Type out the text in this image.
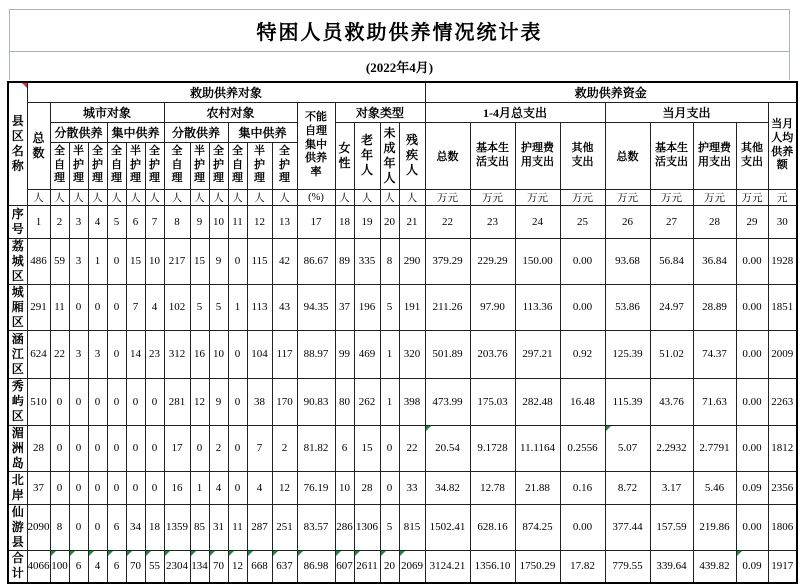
特困人员救助供养情况统计表
(2022年4月)
县区名称	救助供养对象																		救助供养资金								
	总数	城市对象						农村对象						不能自理集中供养率	对象类型				1-4月总支出				当月支出				当月人均供养额
		分散供养			集中供养			分散供养			集中供养				女性	老年人	未成年人	残疾人	总数	基本生活支出	护理费用支出	其他支出	总数	基本生活支出	护理费用支出	其他支出	
		全自理	半护理	全护理	全自理	半护理	全护理	全自理	半护理	全护理	全自理	半护理	全护理														
	人	人	人	人	人	人	人	人	人	人	人	人	人	(%)	人	人	人	人	万元	万元	万元	万元	万元	万元	万元	万元	元
序号	1	2	3	4	5	6	7	8	9	10	11	12	13	17	18	19	20	21	22	23	24	25	26	27	28	29	30
荔城区	486	59	3	1	0	15	10	217	15	9	0	115	42	86.67	89	335	8	290	379.29	229.29	150.00	0.00	93.68	56.84	36.84	0.00	1928
城厢区	291	11	0	0	0	7	4	102	5	5	1	113	43	94.35	37	196	5	191	211.26	97.90	113.36	0.00	53.86	24.97	28.89	0.00	1851
涵江区	624	22	3	3	0	14	23	312	16	10	0	104	117	88.97	99	469	1	320	501.89	203.76	297.21	0.92	125.39	51.02	74.37	0.00	2009
秀屿区	510	0	0	0	0	0	0	281	12	9	0	38	170	90.83	80	262	1	398	473.99	175.03	282.48	16.48	115.39	43.76	71.63	0.00	2263
湄洲岛	28	0	0	0	0	0	0	17	0	2	0	7	2	81.82	6	15	0	22	20.54	9.1728	11.1164	0.2556	5.07	2.2932	2.7791	0.00	1812
北岸	37	0	0	0	0	0	0	16	1	4	0	4	12	76.19	10	28	0	33	34.82	12.78	21.88	0.16	8.72	3.17	5.46	0.09	2356
仙游县	2090	8	0	0	6	34	18	1359	85	31	11	287	251	83.57	286	1306	5	815	1502.41	628.16	874.25	0.00	377.44	157.59	219.86	0.00	1806
合计	4066	100	6	4	6	70	55	2304	134	70	12	668	637	86.98	607	2611	20	2069	3124.21	1356.10	1750.29	17.82	779.55	339.64	439.82	0.09	1917
